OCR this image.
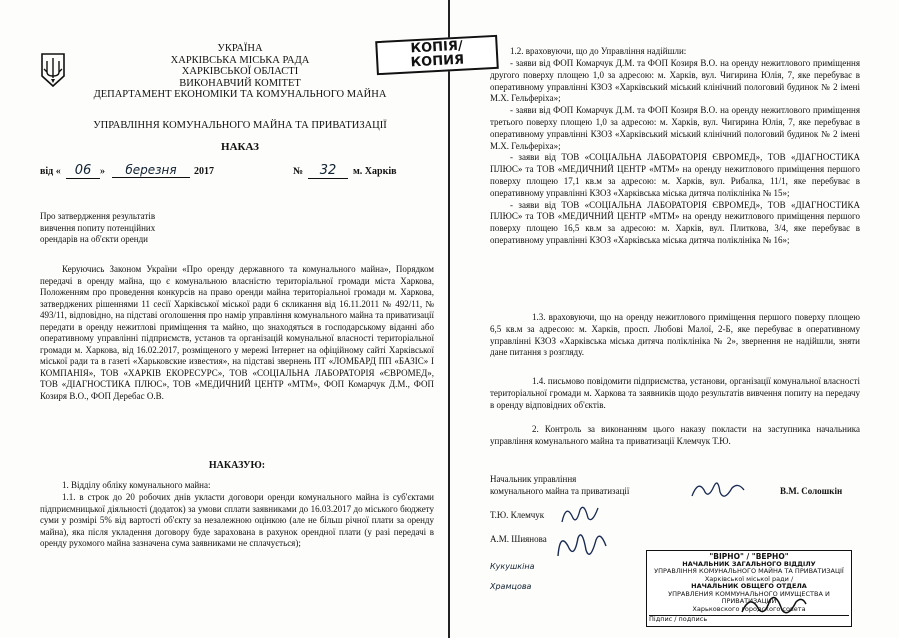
УКРАЇНА
ХАРКІВСЬКА МІСЬКА РАДА
ХАРКІВСЬКОЇ ОБЛАСТІ
ВИКОНАВЧИЙ КОМІТЕТ
ДЕПАРТАМЕНТ ЕКОНОМІКИ ТА КОМУНАЛЬНОГО МАЙНА
УПРАВЛІННЯ КОМУНАЛЬНОГО МАЙНА ТА ПРИВАТИЗАЦІЇ
НАКАЗ
від «	06 »	березня	2017	№	32	м. Харків
Про затвердження результатів
вивчення попиту потенційних
орендарів на об'єкти оренди
Керуючись Законом України «Про оренду державного та комунального майна», Порядком передачі в оренду майна, що є комунальною власністю територіальної громади міста Харкова, Положенням про проведення конкурсів на право оренди майна територіальної громади м. Харкова, затверджених рішеннями 11 сесії Харківської міської ради 6 скликання від 16.11.2011 № 492/11, № 493/11, відповідно, на підставі оголошення про намір управління комунального майна та приватизації передати в оренду нежитлові приміщення та майно, що знаходяться в господарському віданні або оперативному управлінні підприємств, установ та організацій комунальної власності територіальної громади м. Харкова, від 16.02.2017, розміщеного у мережі Інтернет на офіційному сайті Харківської міської ради та в газеті «Харьковские известия», на підставі звернень ПТ «ЛОМБАРД ПП «БАЗІС» І КОМПАНІЯ», ТОВ «ХАРКІВ ЕКОРЕСУРС», ТОВ «СОЦІАЛЬНА ЛАБОРАТОРІЯ «ЄВРОМЕД», ТОВ «ДІАГНОСТИКА ПЛЮС», ТОВ «МЕДИЧНИЙ ЦЕНТР «МТМ», ФОП Комарчук Д.М., ФОП Козиря В.О., ФОП Деребас О.В.
НАКАЗУЮ:
1. Відділу обліку комунального майна:
1.1. в строк до 20 робочих днів укласти договори оренди комунального майна із суб'єктами підприємницької діяльності (додаток) за умови сплати заявниками до 16.03.2017 до міського бюджету суми у розмірі 5% від вартості об'єкту за незалежною оцінкою (але не більш річної плати за оренду майна), яка після укладення договору буде зарахована в рахунок орендної плати (у разі передачі в оренду рухомого майна зазначена сума заявниками не сплачується);
КОПІЯ/
КОПИЯ
1.2. враховуючи, що до Управління надійшли:
- заяви від ФОП Комарчук Д.М. та ФОП Козиря В.О. на оренду нежитлового приміщення другого поверху площею 1,0 за адресою: м. Харків, вул. Чигирина Юлія, 7, яке перебуває в оперативному управлінні КЗОЗ «Харківський міський клінічний пологовий будинок № 2 імені М.Х. Гельферіха»;
- заяви від ФОП Комарчук Д.М. та ФОП Козиря В.О. на оренду нежитлового приміщення третього поверху площею 1,0 за адресою: м. Харків, вул. Чигирина Юлія, 7, яке перебуває в оперативному управлінні КЗОЗ «Харківський міський клінічний пологовий будинок № 2 імені М.Х. Гельферіха»;
- заяви від ТОВ «СОЦІАЛЬНА ЛАБОРАТОРІЯ ЄВРОМЕД», ТОВ «ДІАГНОСТИКА ПЛЮС» та ТОВ «МЕДИЧНИЙ ЦЕНТР «МТМ» на оренду нежитлового приміщення першого поверху площею 17,1 кв.м за адресою: м. Харків, вул. Рибалка, 11/1, яке перебуває в оперативному управлінні КЗОЗ «Харківська міська дитяча поліклініка № 15»;
- заяви від ТОВ «СОЦІАЛЬНА ЛАБОРАТОРІЯ ЄВРОМЕД», ТОВ «ДІАГНОСТИКА ПЛЮС» та ТОВ «МЕДИЧНИЙ ЦЕНТР «МТМ» на оренду нежитлового приміщення першого поверху площею 16,5 кв.м за адресою: м. Харків, вул. Плиткова, 3/4, яке перебуває в оперативному управлінні КЗОЗ «Харківська міська дитяча поліклініка № 16»;
1.3. враховуючи, що на оренду нежитлового приміщення першого поверху площею 6,5 кв.м за адресою: м. Харків, просп. Любові Малої, 2-Б, яке перебуває в оперативному управлінні КЗОЗ «Харківська міська дитяча поліклініка № 2», звернення не надійшли, зняти дане питання з розгляду.
1.4. письмово повідомити підприємства, установи, організації комунальної власності територіальної громади м. Харкова та заявників щодо результатів вивчення попиту на передачу в оренду відповідних об'єктів.
2. Контроль за виконанням цього наказу покласти на заступника начальника управління комунального майна та приватизації Клемчук Т.Ю.
Начальник управління
комунального майна та приватизації	В.М. Солошкін
Т.Ю. Клемчук
А.М. Шиянова
Кукушкіна
Храмцова
"ВІРНО" / "ВЕРНО"
НАЧАЛЬНИК ЗАГАЛЬНОГО ВІДДІЛУ
УПРАВЛІННЯ КОМУНАЛЬНОГО МАЙНА ТА ПРИВАТИЗАЦІЇ
Харківської міської ради /
НАЧАЛЬНИК ОБЩЕГО ОТДЕЛА
УПРАВЛЕНИЯ КОММУНАЛЬНОГО ИМУЩЕСТВА И ПРИВАТИЗАЦИИ
Харьковского городского совета
Підпис / подпись
